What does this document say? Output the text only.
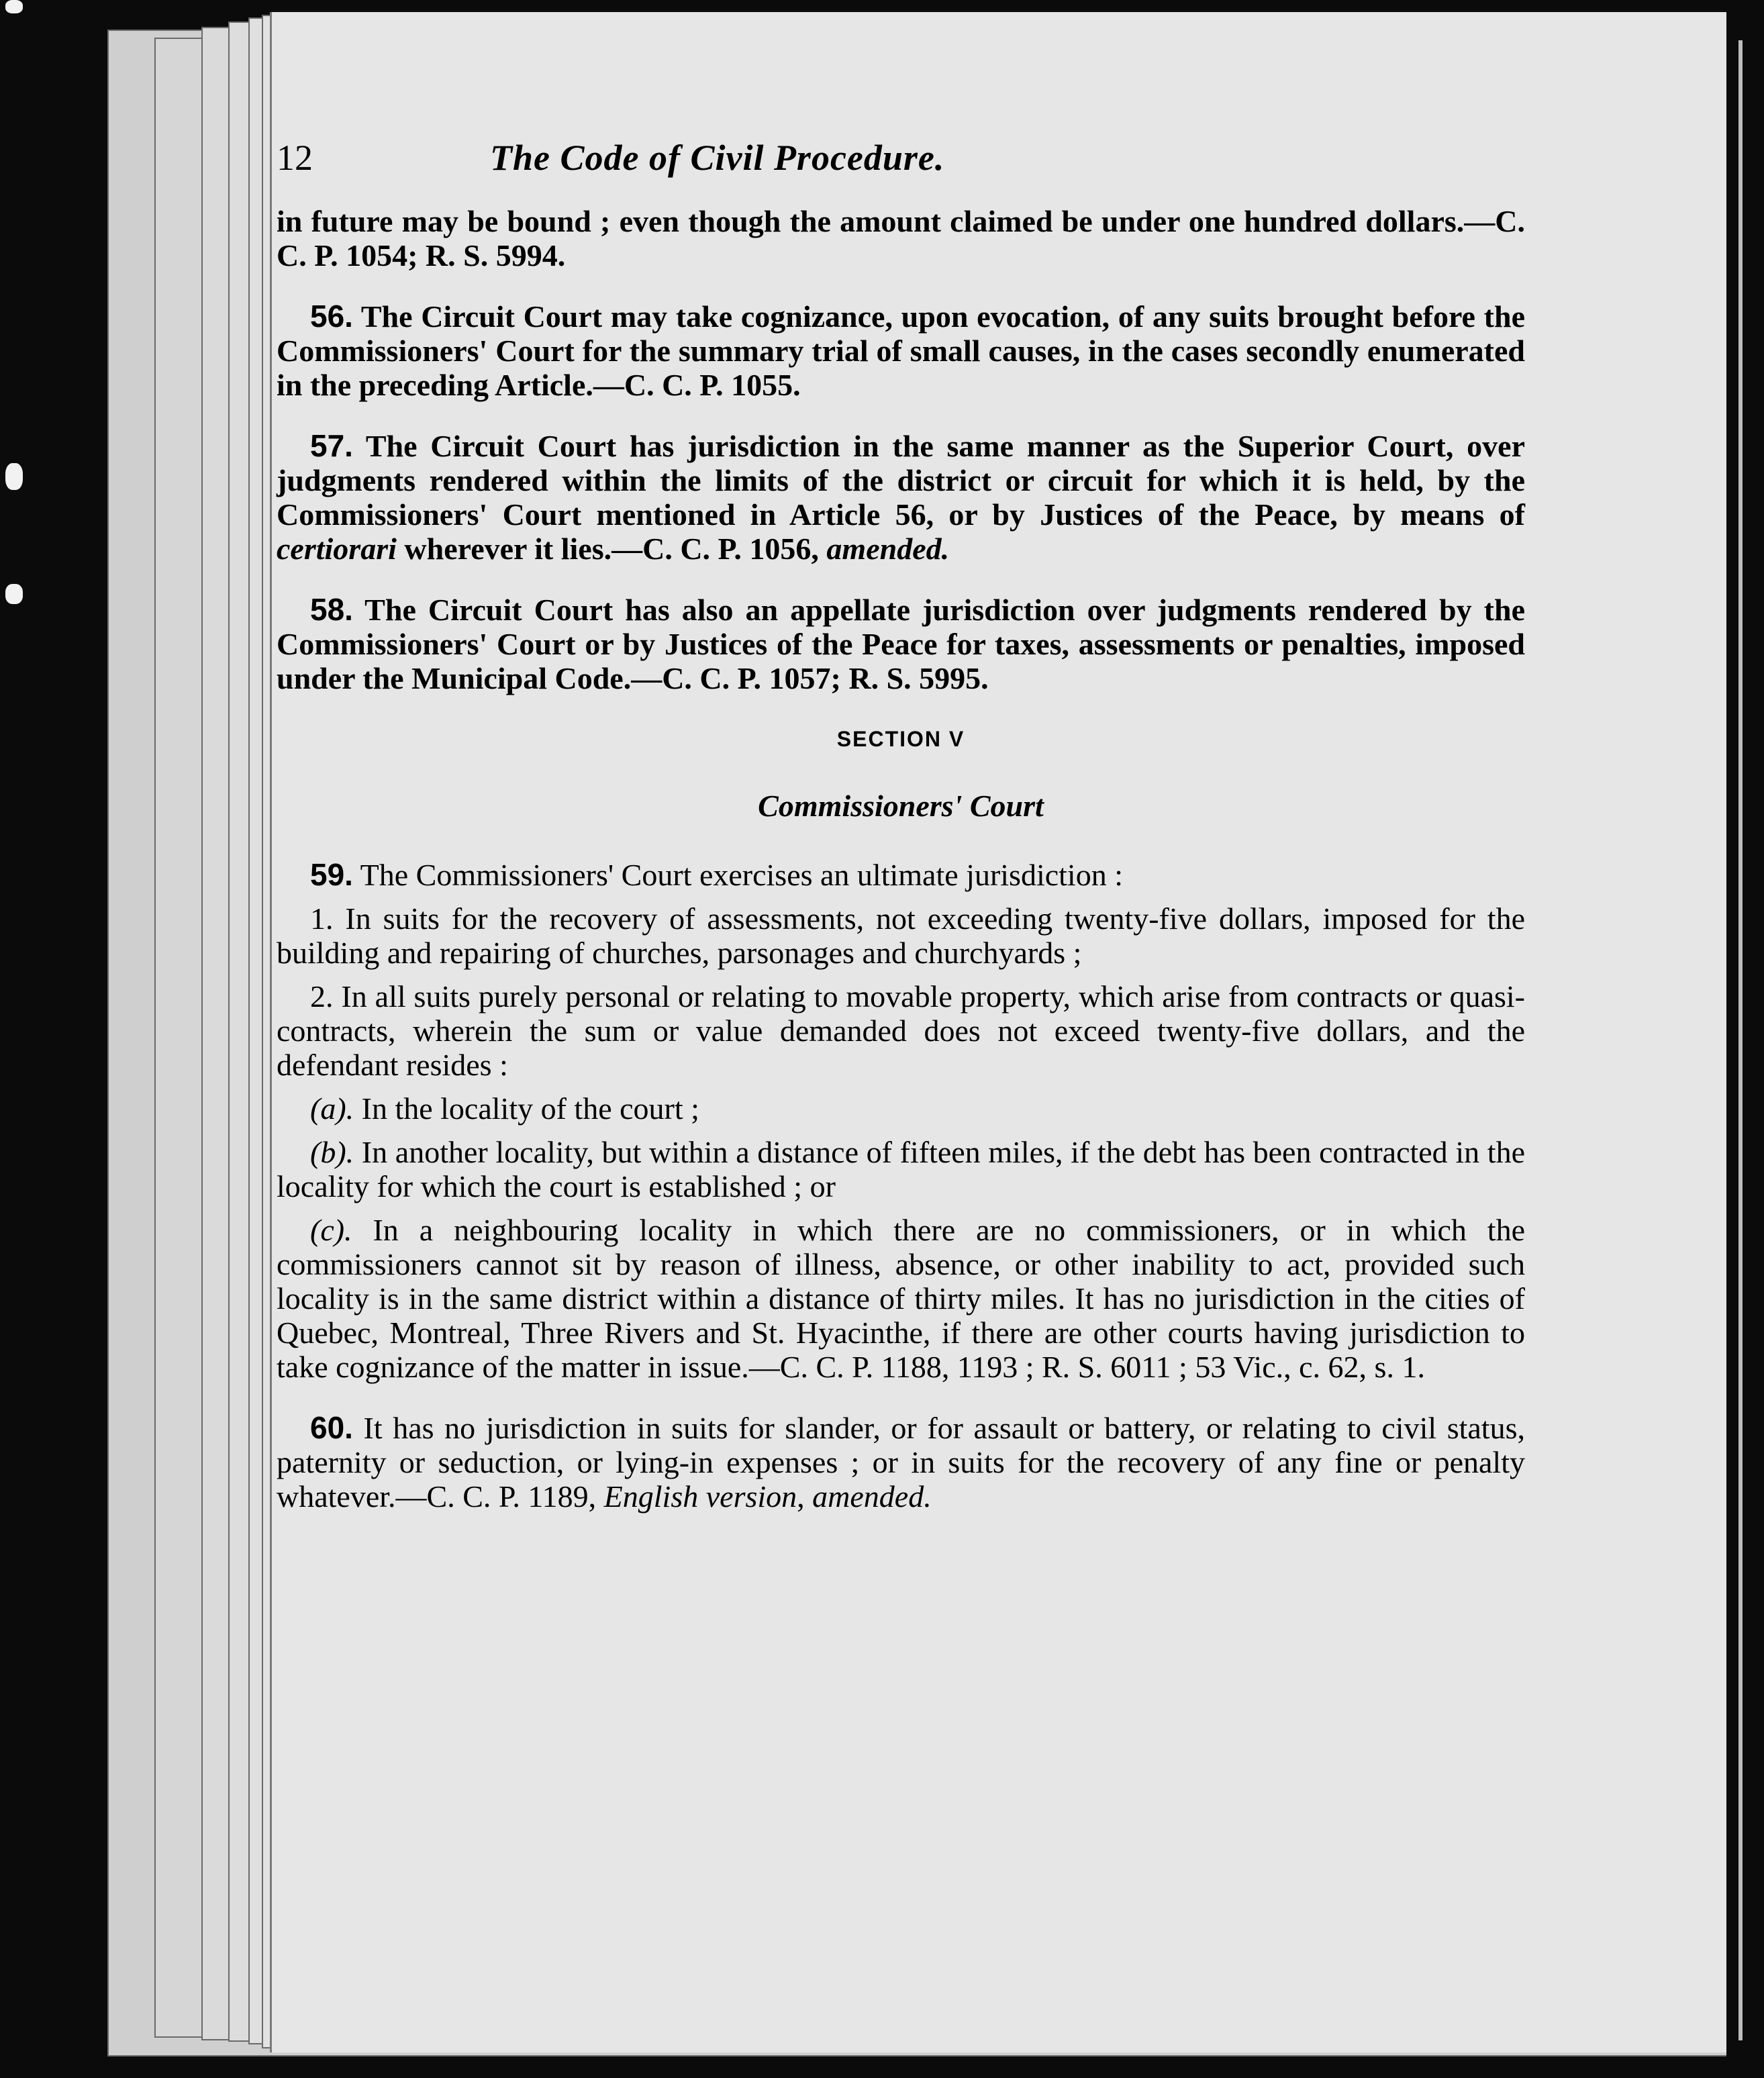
12	The Code of Civil Procedure.

in future may be bound ; even though the amount claimed be under one hundred dollars.—C. C. P. 1054; R. S. 5994.

56. The Circuit Court may take cognizance, upon evocation, of any suits brought before the Commissioners' Court for the summary trial of small causes, in the cases secondly enumerated in the preceding Article.—C. C. P. 1055.

57. The Circuit Court has jurisdiction in the same manner as the Superior Court, over judgments rendered within the limits of the district or circuit for which it is held, by the Commissioners' Court mentioned in Article 56, or by Justices of the Peace, by means of certiorari wherever it lies.—C. C. P. 1056, amended.

58. The Circuit Court has also an appellate jurisdiction over judgments rendered by the Commissioners' Court or by Justices of the Peace for taxes, assessments or penalties, imposed under the Municipal Code.—C. C. P. 1057; R. S. 5995.

SECTION V
Commissioners' Court

59. The Commissioners' Court exercises an ultimate jurisdiction :

1. In suits for the recovery of assessments, not exceeding twenty-five dollars, imposed for the building and repairing of churches, parsonages and churchyards ;

2. In all suits purely personal or relating to movable property, which arise from contracts or quasi-contracts, wherein the sum or value demanded does not exceed twenty-five dollars, and the defendant resides :

(a). In the locality of the court ;

(b). In another locality, but within a distance of fifteen miles, if the debt has been contracted in the locality for which the court is established ; or

(c). In a neighbouring locality in which there are no commissioners, or in which the commissioners cannot sit by reason of illness, absence, or other inability to act, provided such locality is in the same district within a distance of thirty miles. It has no jurisdiction in the cities of Quebec, Montreal, Three Rivers and St. Hyacinthe, if there are other courts having jurisdiction to take cognizance of the matter in issue.—C. C. P. 1188, 1193 ; R. S. 6011 ; 53 Vic., c. 62, s. 1.

60. It has no jurisdiction in suits for slander, or for assault or battery, or relating to civil status, paternity or seduction, or lying-in expenses ; or in suits for the recovery of any fine or penalty whatever.—C. C. P. 1189, English version, amended.
